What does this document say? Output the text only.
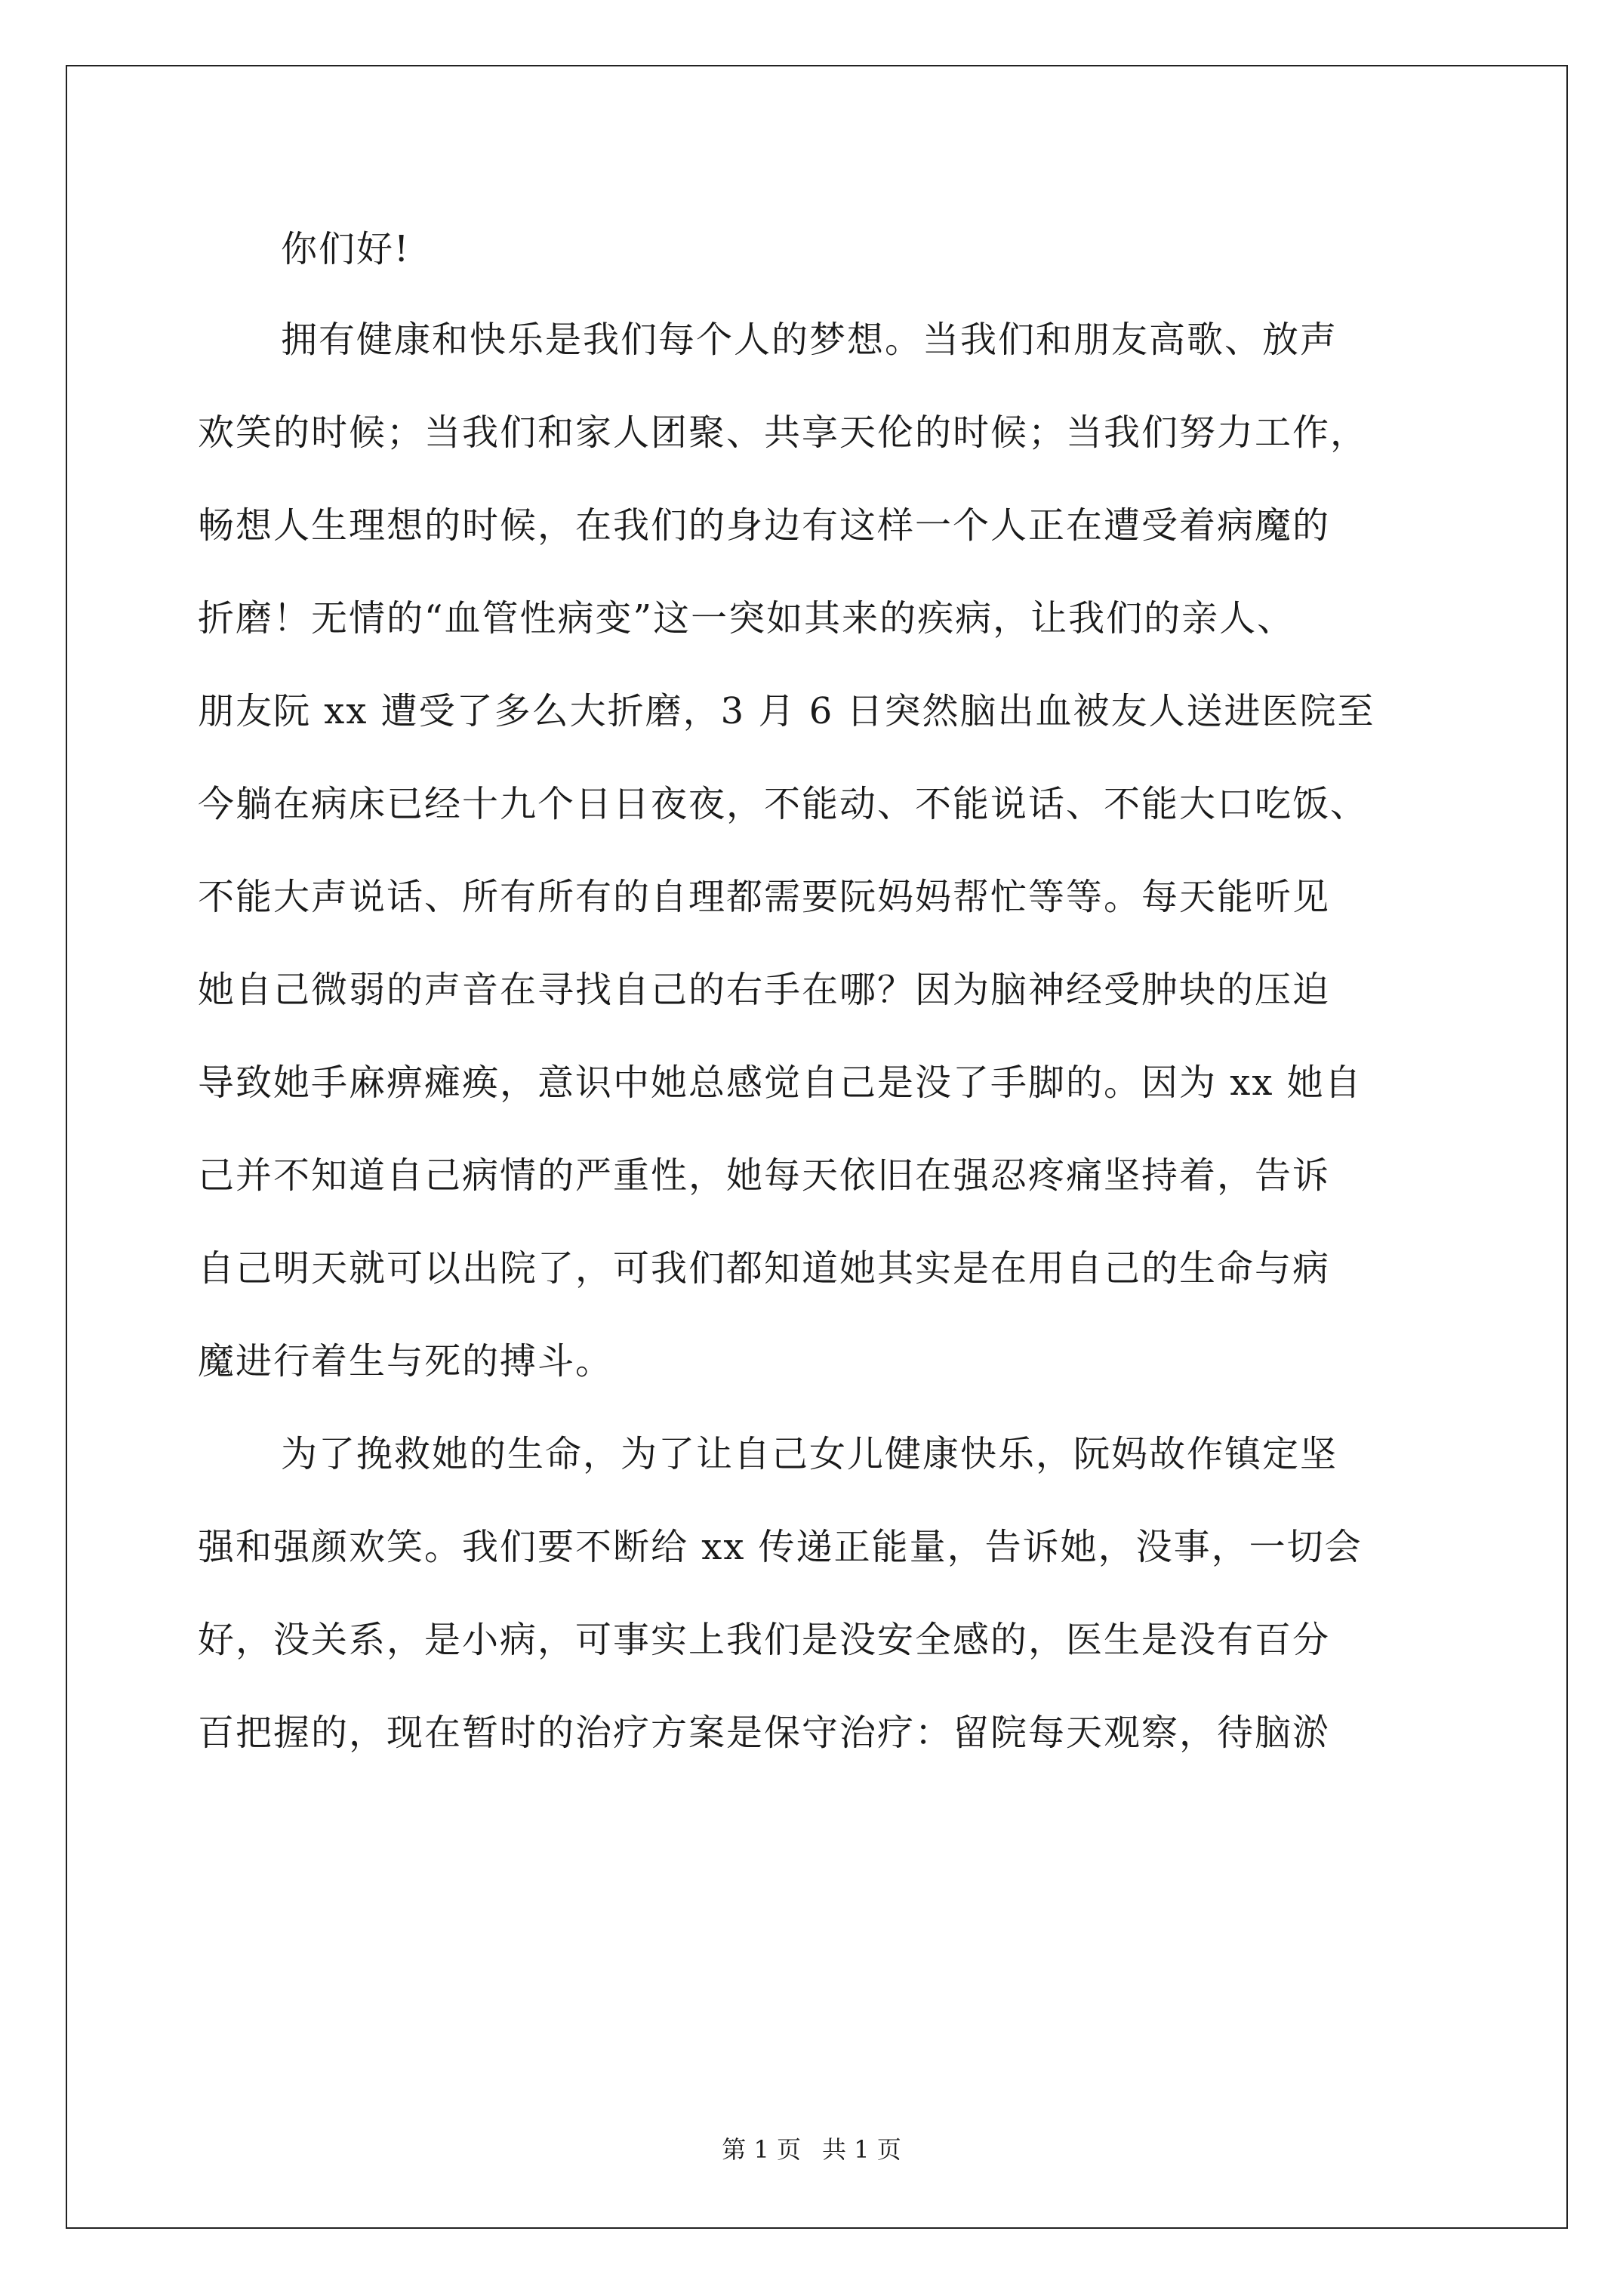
你们好!

拥有健康和快乐是我们每个人的梦想。当我们和朋友高歌、放声

欢笑的时候；当我们和家人团聚、共享天伦的时候；当我们努力工作，

畅想人生理想的时候，在我们的身边有这样一个人正在遭受着病魔的

折磨！无情的“血管性病变”这一突如其来的疾病，让我们的亲人、

朋友阮 xx 遭受了多么大折磨，3 月 6 日突然脑出血被友人送进医院至

今躺在病床已经十九个日日夜夜，不能动、不能说话、不能大口吃饭、

不能大声说话、所有所有的自理都需要阮妈妈帮忙等等。每天能听见

她自己微弱的声音在寻找自己的右手在哪？因为脑神经受肿块的压迫

导致她手麻痹瘫痪，意识中她总感觉自己是没了手脚的。因为 xx 她自

己并不知道自己病情的严重性，她每天依旧在强忍疼痛坚持着，告诉

自己明天就可以出院了，可我们都知道她其实是在用自己的生命与病

魔进行着生与死的搏斗。

为了挽救她的生命，为了让自己女儿健康快乐，阮妈故作镇定坚

强和强颜欢笑。我们要不断给 xx 传递正能量，告诉她，没事，一切会

好，没关系，是小病，可事实上我们是没安全感的，医生是没有百分

百把握的，现在暂时的治疗方案是保守治疗：留院每天观察，待脑淤

第 1 页 共 1 页
